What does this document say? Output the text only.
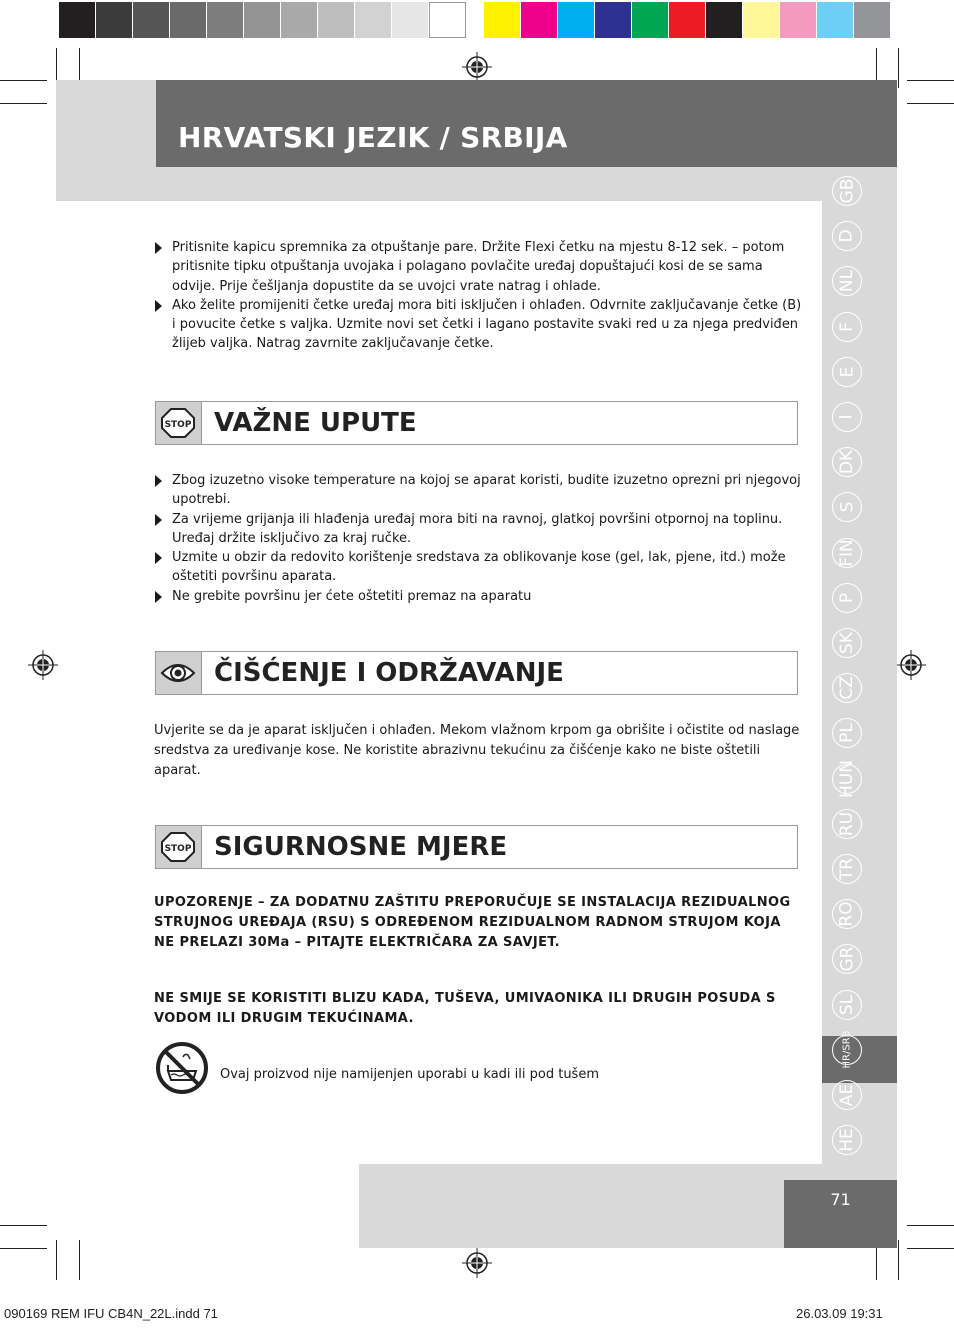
HRVATSKI JEZIK / SRBIJA
GB
D
NL
F
E
I
DK
S
FIN
P
SK
CZ
PL
HUN
RU
TR
RO
GR
SL
HR/SRB
AE
HE
Pritisnite kapicu spremnika za otpuštanje pare. Držite Flexi četku na mjestu 8-12 sek. – potom pritisnite tipku otpuštanja uvojaka i polagano povlačite uređaj dopuštajući kosi de se sama odvije. Prije češljanja dopustite da se uvojci vrate natrag i ohlade.
Ako želite promijeniti četke uređaj mora biti isključen i ohlađen. Odvrnite zaključavanje četke (B) i povucite četke s valjka. Uzmite novi set četki i lagano postavite svaki red u za njega predviđen žlijeb valjka. Natrag zavrnite zaključavanje četke.
STOP VAŽNE UPUTE
Zbog izuzetno visoke temperature na kojoj se aparat koristi, budite izuzetno oprezni pri njegovoj upotrebi.
Za vrijeme grijanja ili hlađenja uređaj mora biti na ravnoj, glatkoj površini otpornoj na toplinu. Uređaj držite isključivo za kraj ručke.
Uzmite u obzir da redovito korištenje sredstava za oblikovanje kose (gel, lak, pjene, itd.) može oštetiti površinu aparata.
Ne grebite površinu jer ćete oštetiti premaz na aparatu
ČIŠĆENJE I ODRŽAVANJE
Uvjerite se da je aparat isključen i ohlađen. Mekom vlažnom krpom ga obrišite i očistite od naslage sredstva za uređivanje kose. Ne koristite abrazivnu tekućinu za čišćenje kako ne biste oštetili aparat.
STOP SIGURNOSNE MJERE
UPOZORENJE – ZA DODATNU ZAŠTITU PREPORUČUJE SE INSTALACIJA REZIDUALNOG STRUJNOG UREĐAJA (RSU) S ODREĐENOM REZIDUALNOM RADNOM STRUJOM KOJA NE PRELAZI 30Ma – PITAJTE ELEKTRIČARA ZA SAVJET.
NE SMIJE SE KORISTITI BLIZU KADA, TUŠEVA, UMIVAONIKA ILI DRUGIH POSUDA S VODOM ILI DRUGIM TEKUĆINAMA.
Ovaj proizvod nije namijenjen uporabi u kadi ili pod tušem
71
090169 REM IFU CB4N_22L.indd 71	26.03.09 19:31
